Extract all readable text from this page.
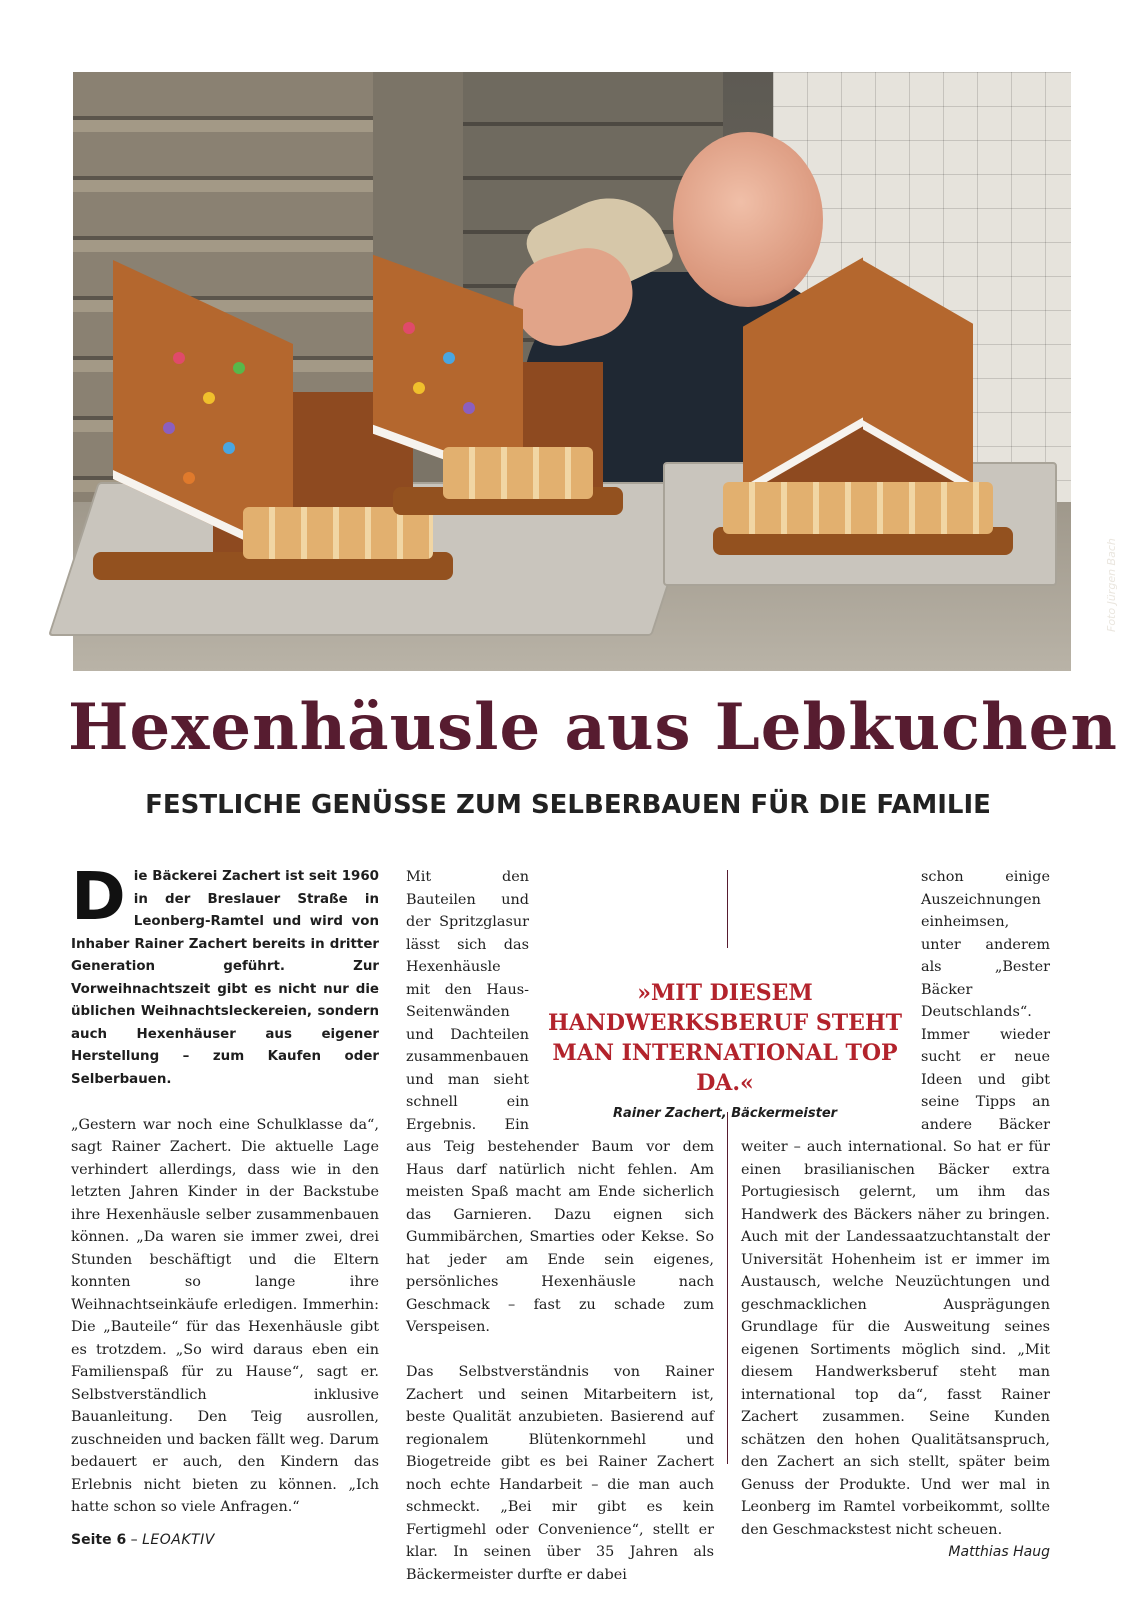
Foto Jürgen Bach
Hexenhäusle aus Lebkuchen
FESTLICHE GENÜSSE ZUM SELBERBAUEN FÜR DIE FAMILIE

Die Bäckerei Zachert ist seit 1960 in der Breslauer Straße in Leonberg-Ramtel und wird von Inhaber Rainer Zachert bereits in dritter Generation geführt. Zur Vorweihnachtszeit gibt es nicht nur die üblichen Weihnachtsleckereien, sondern auch Hexenhäuser aus eigener Herstellung – zum Kaufen oder Selberbauen.

„Gestern war noch eine Schulklasse da“, sagt Rainer Zachert. Die aktuelle Lage verhindert allerdings, dass wie in den letzten Jahren Kinder in der Backstube ihre Hexenhäusle selber zusammenbauen können. „Da waren sie immer zwei, drei Stunden beschäftigt und die Eltern konnten so lange ihre Weihnachtseinkäufe erledigen. Immerhin: Die „Bauteile“ für das Hexenhäusle gibt es trotzdem. „So wird daraus eben ein Familienspaß für zu Hause“, sagt er. Selbstverständlich inklusive Bauanleitung. Den Teig ausrollen, zuschneiden und backen fällt weg. Darum bedauert er auch, den Kindern das Erlebnis nicht bieten zu können. „Ich hatte schon so viele Anfragen.“

Mit den Bauteilen und der Spritzglasur lässt sich das Hexenhäusle mit den Haus-Seitenwänden und Dachteilen zusammenbauen und man sieht schnell ein Ergebnis. Ein aus Teig bestehender Baum vor dem Haus darf natürlich nicht fehlen. Am meisten Spaß macht am Ende sicherlich das Garnieren. Dazu eignen sich Gummibärchen, Smarties oder Kekse. So hat jeder am Ende sein eigenes, persönliches Hexenhäusle nach Geschmack – fast zu schade zum Verspeisen.

Das Selbstverständnis von Rainer Zachert und seinen Mitarbeitern ist, beste Qualität anzubieten. Basierend auf regionalem Blütenkornmehl und Biogetreide gibt es bei Rainer Zachert noch echte Handarbeit – die man auch schmeckt. „Bei mir gibt es kein Fertigmehl oder Convenience“, stellt er klar. In seinen über 35 Jahren als Bäckermeister durfte er dabei

schon einige Auszeichnungen einheimsen, unter anderem als „Bester Bäcker Deutschlands“. Immer wieder sucht er neue Ideen und gibt seine Tipps an andere Bäcker weiter – auch international. So hat er für einen brasilianischen Bäcker extra Portugiesisch gelernt, um ihm das Handwerk des Bäckers näher zu bringen. Auch mit der Landessaatzuchtanstalt der Universität Hohenheim ist er immer im Austausch, welche Neuzüchtungen und geschmacklichen Ausprägungen Grundlage für die Ausweitung seines eigenen Sortiments möglich sind. „Mit diesem Handwerksberuf steht man international top da“, fasst Rainer Zachert zusammen. Seine Kunden schätzen den hohen Qualitätsanspruch, den Zachert an sich stellt, später beim Genuss der Produkte. Und wer mal in Leonberg im Ramtel vorbeikommt, sollte den Geschmackstest nicht scheuen.
Matthias Haug

»MIT DIESEM HANDWERKSBERUF STEHT MAN INTERNATIONAL TOP DA.«

Rainer Zachert, Bäckermeister
Seite 6 – LEOAKTIV
